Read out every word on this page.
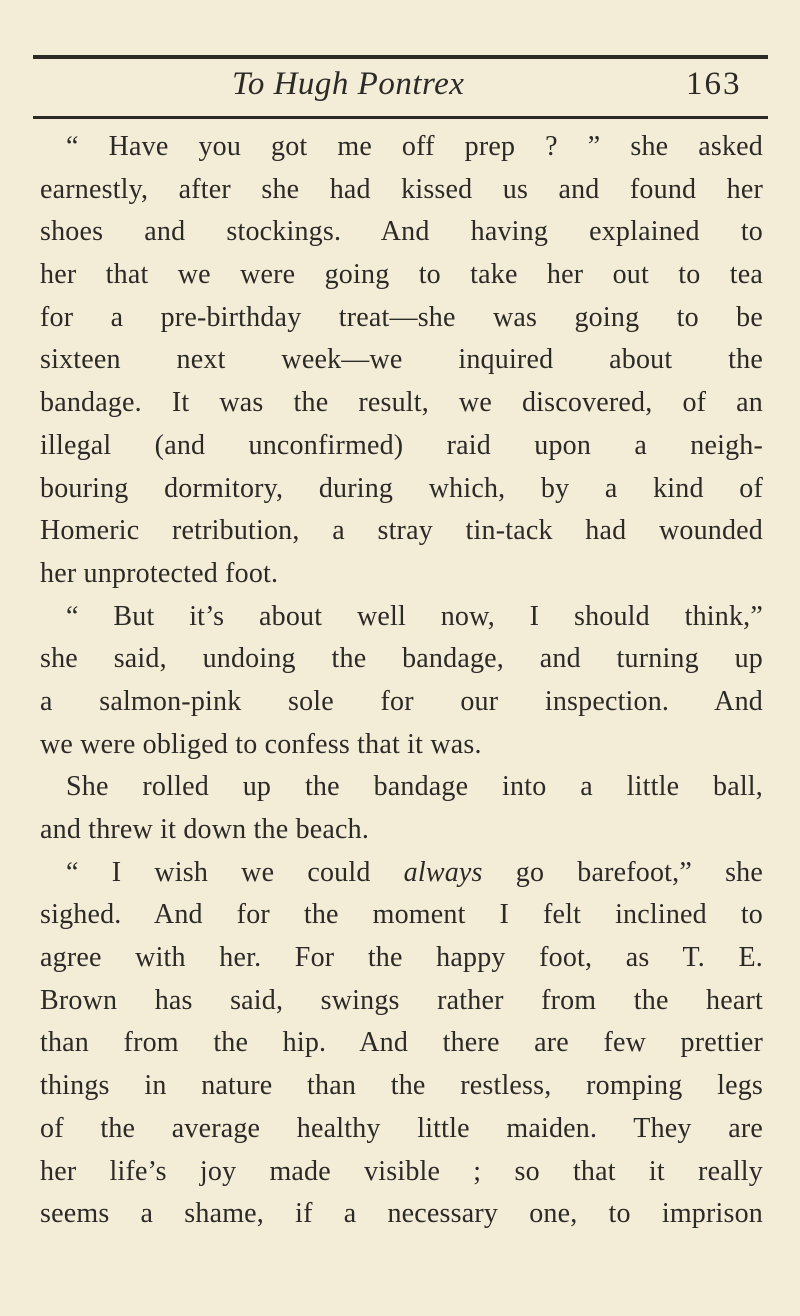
To Hugh Pontrex	163
“ Have you got me off prep ? ” she asked
earnestly, after she had kissed us and found her
shoes and stockings. And having explained to
her that we were going to take her out to tea
for a pre-birthday treat—she was going to be
sixteen next week—we inquired about the
bandage. It was the result, we discovered, of an
illegal (and unconfirmed) raid upon a neigh-
bouring dormitory, during which, by a kind of
Homeric retribution, a stray tin-tack had wounded
her unprotected foot.
“ But it’s about well now, I should think,”
she said, undoing the bandage, and turning up
a salmon-pink sole for our inspection. And
we were obliged to confess that it was.
She rolled up the bandage into a little ball,
and threw it down the beach.
“ I wish we could always go barefoot,” she
sighed. And for the moment I felt inclined to
agree with her. For the happy foot, as T. E.
Brown has said, swings rather from the heart
than from the hip. And there are few prettier
things in nature than the restless, romping legs
of the average healthy little maiden. They are
her life’s joy made visible ; so that it really
seems a shame, if a necessary one, to imprison
